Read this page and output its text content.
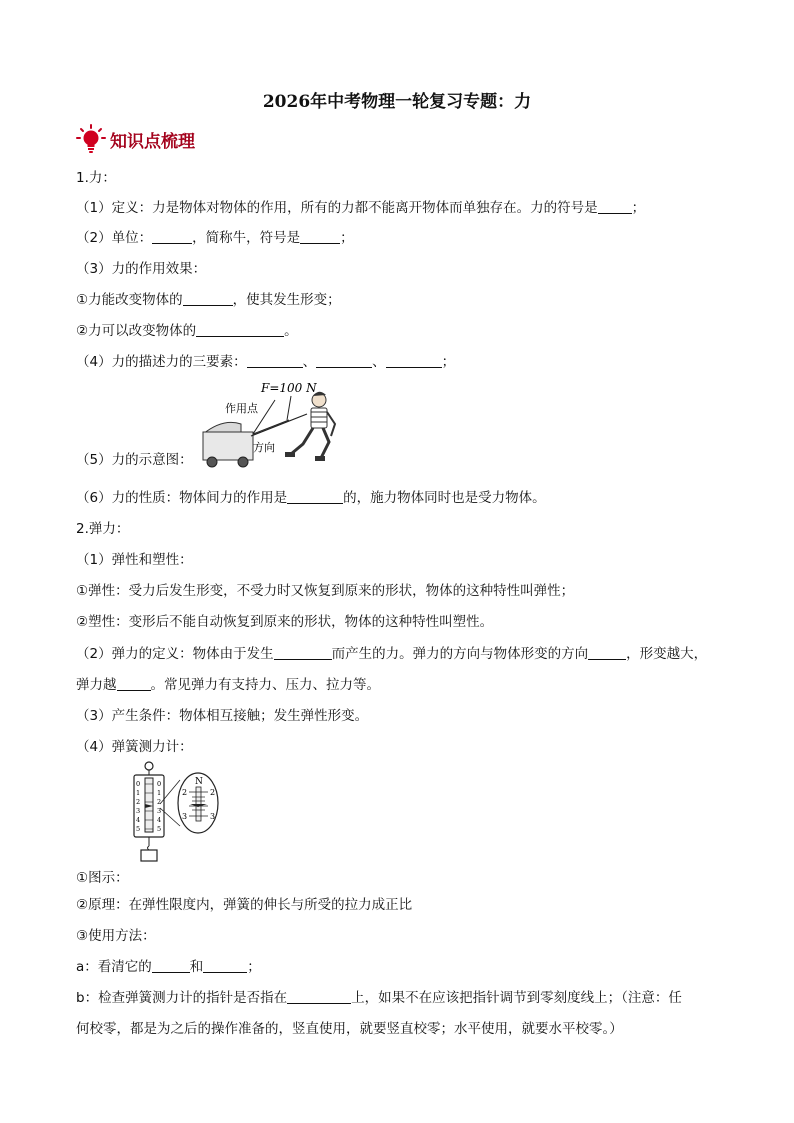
2026年中考物理一轮复习专题：力
知识点梳理
1.力：
（1）定义：力是物体对物体的作用，所有的力都不能离开物体而单独存在。力的符号是	；
（2）单位：	，简称牛，符号是	；
（3）力的作用效果：
①力能改变物体的	，使其发生形变；
②力可以改变物体的	。
（4）力的描述力的三要素：	、	、	；
F=100 N
作用点
方向
（5）力的示意图：
（6）力的性质：物体间力的作用是	的，施力物体同时也是受力物体。
2.弹力：
（1）弹性和塑性：
①弹性：受力后发生形变，不受力时又恢复到原来的形状，物体的这种特性叫弹性；
②塑性：变形后不能自动恢复到原来的形状，物体的这种特性叫塑性。
（2）弹力的定义：物体由于发生	而产生的力。弹力的方向与物体形变的方向	，形变越大，
弹力越	。常见弹力有支持力、压力、拉力等。
（3）产生条件：物体相互接触；发生弹性形变。
（4）弹簧测力计：
0
1
2
3
4
5
0
1
2
3
4
5
N
2	2
3	3
①图示：
②原理：在弹性限度内，弹簧的伸长与所受的拉力成正比
③使用方法：
a：看清它的	和	；
b：检查弹簧测力计的指针是否指在	上，如果不在应该把指针调节到零刻度线上；（注意：任
何校零，都是为之后的操作准备的，竖直使用，就要竖直校零；水平使用，就要水平校零。）
